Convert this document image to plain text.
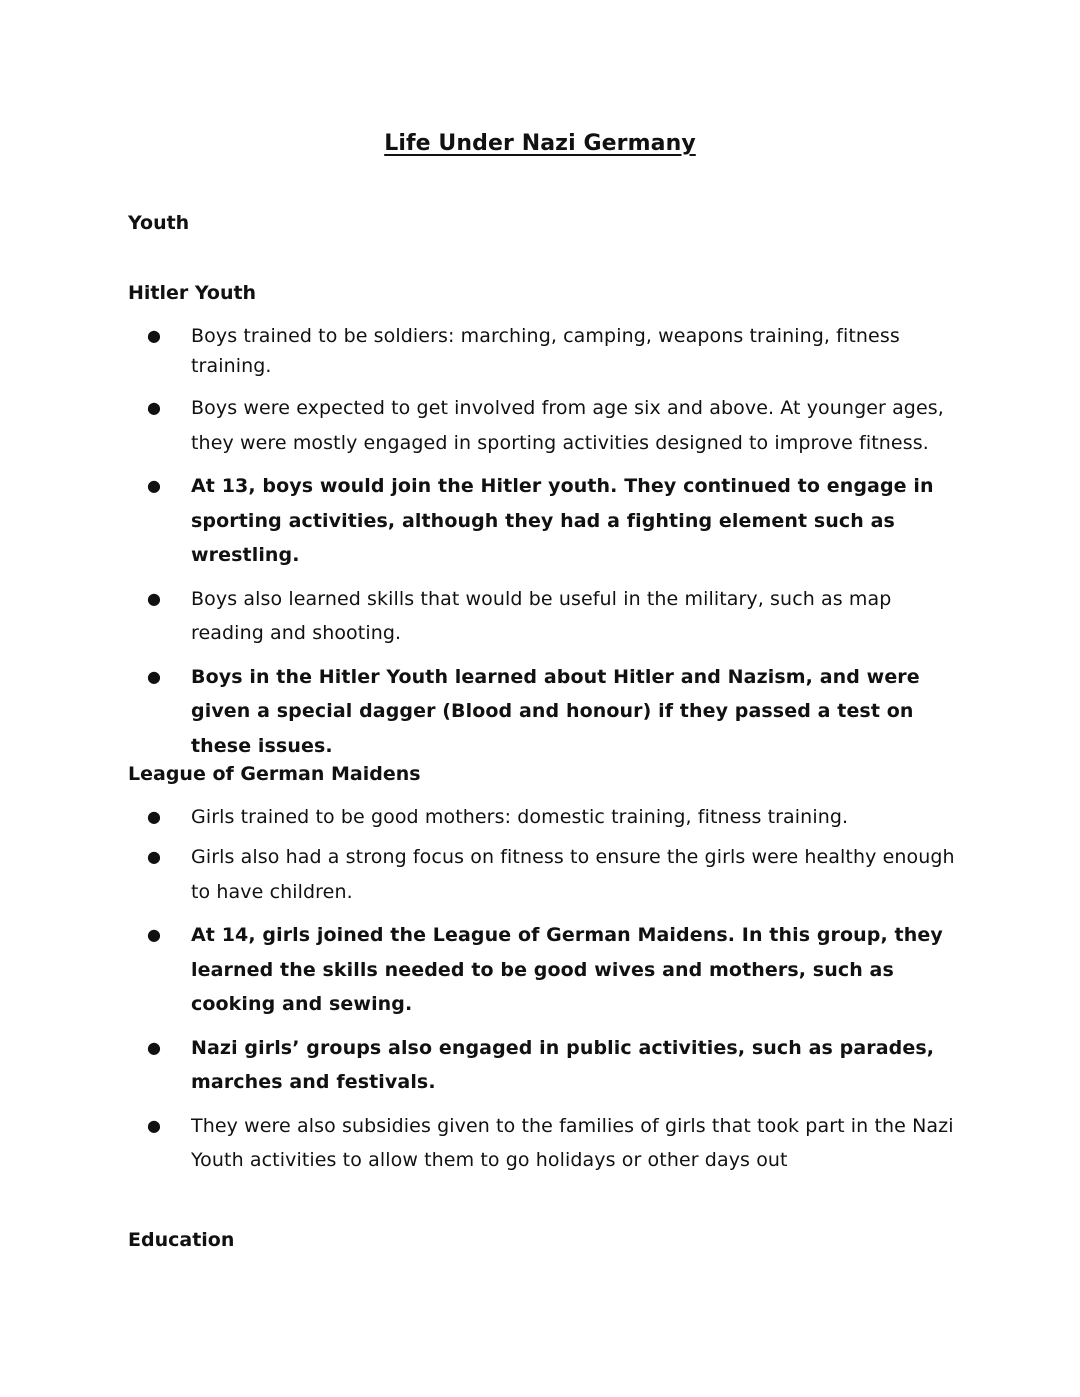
Life Under Nazi Germany
Youth
Hitler Youth
● Boys trained to be soldiers: marching, camping, weapons training, fitness training.
● Boys were expected to get involved from age six and above. At younger ages, they were mostly engaged in sporting activities designed to improve fitness.
● At 13, boys would join the Hitler youth. They continued to engage in sporting activities, although they had a fighting element such as wrestling.
● Boys also learned skills that would be useful in the military, such as map reading and shooting.
● Boys in the Hitler Youth learned about Hitler and Nazism, and were given a special dagger (Blood and honour) if they passed a test on these issues.
League of German Maidens
● Girls trained to be good mothers: domestic training, fitness training.
● Girls also had a strong focus on fitness to ensure the girls were healthy enough to have children.
● At 14, girls joined the League of German Maidens. In this group, they learned the skills needed to be good wives and mothers, such as cooking and sewing.
● Nazi girls’ groups also engaged in public activities, such as parades, marches and festivals.
● They were also subsidies given to the families of girls that took part in the Nazi Youth activities to allow them to go holidays or other days out
Education
